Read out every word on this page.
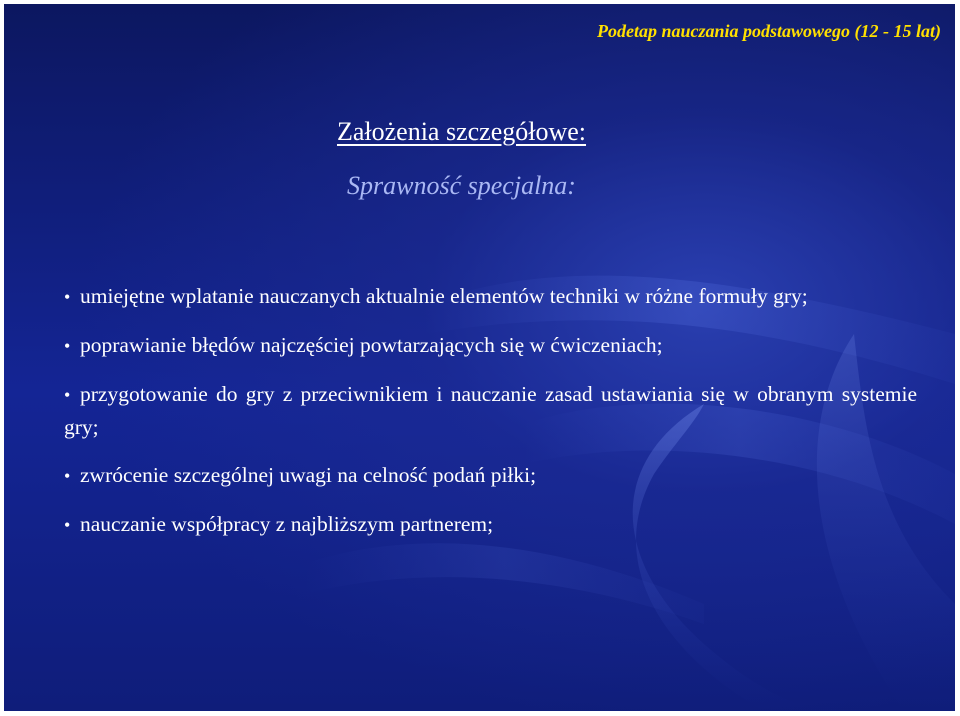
Podetap nauczania podstawowego (12 - 15 lat)
Założenia szczegółowe:
Sprawność specjalna:
• umiejętne wplatanie nauczanych aktualnie elementów techniki w różne formuły gry;
• poprawianie błędów najczęściej powtarzających się w ćwiczeniach;
• przygotowanie do gry z przeciwnikiem i nauczanie zasad ustawiania się w obranym systemie gry;
• zwrócenie szczególnej uwagi na celność podań piłki;
• nauczanie współpracy z najbliższym partnerem;
